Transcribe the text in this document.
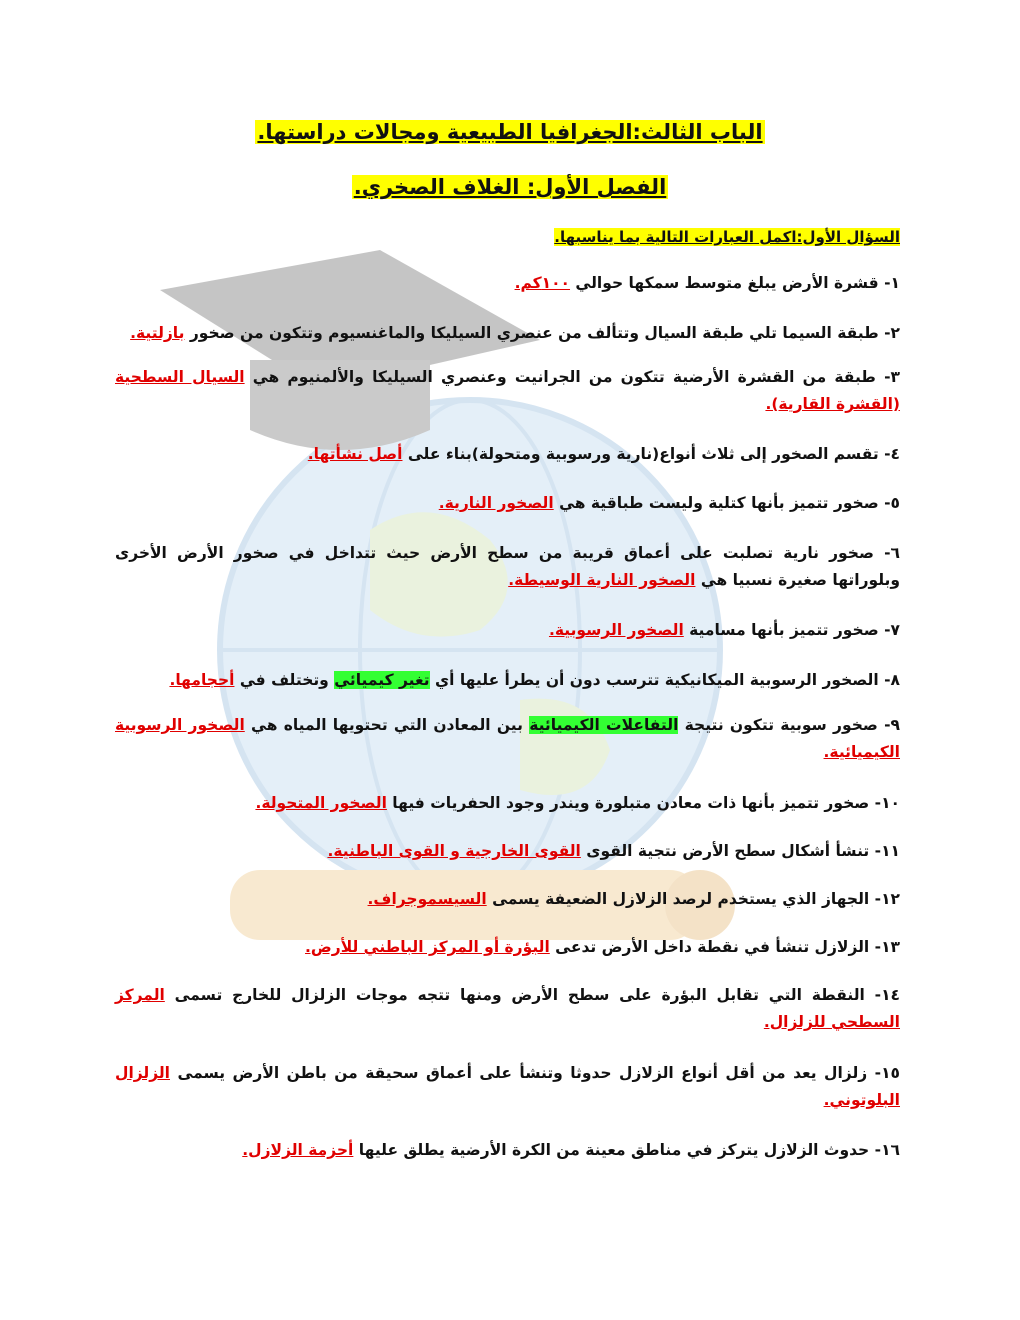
الباب الثالث:الجغرافيا الطبيعية ومجالات دراستها.
الفصل الأول: الغلاف الصخري.
السؤال الأول:اكمل العبارات التالية بما يناسبها.
١- قشرة الأرض يبلغ متوسط سمكها حوالي ١٠٠كم.
٢- طبقة السيما تلي طبقة السيال وتتألف من عنصري السيليكا والماغنسيوم وتتكون من صخور بازلتية.
٣- طبقة من القشرة الأرضية تتكون من الجرانيت وعنصري السيليكا والألمنيوم هي السيال السطحية (القشرة القارية).
٤- تقسم الصخور إلى ثلاث أنواع(نارية ورسوبية ومتحولة)بناء على أصل نشأتها.
٥- صخور تتميز بأنها كتلية وليست طباقية هي الصخور النارية.
٦- صخور نارية تصلبت على أعماق قريبة من سطح الأرض حيث تتداخل في صخور الأرض الأخرى وبلوراتها صغيرة نسبيا هي الصخور النارية الوسيطة.
٧- صخور تتميز بأنها مسامية الصخور الرسوبية.
٨- الصخور الرسوبية الميكانيكية تترسب دون أن يطرأ عليها أي تغير كيميائي وتختلف في أحجامها.
٩- صخور سوبية تتكون نتيجة التفاعلات الكيميائية بين المعادن التي تحتويها المياه هي الصخور الرسوبية الكيميائية.
١٠- صخور تتميز بأنها ذات معادن متبلورة ويندر وجود الحفريات فيها الصخور المتحولة.
١١- تنشأ أشكال سطح الأرض نتجية القوى القوى الخارجية و القوى الباطنية.
١٢- الجهاز الذي يستخدم لرصد الزلازل الضعيفة يسمى السيسموجراف.
١٣- الزلازل تنشأ في نقطة داخل الأرض تدعى البؤرة أو المركز الباطني للأرض.
١٤- النقطة التي تقابل البؤرة على سطح الأرض ومنها تتجه موجات الزلزال للخارج تسمى المركز السطحي للزلزال.
١٥- زلزال يعد من أقل أنواع الزلازل حدوثا وتنشأ على أعماق سحيقة من باطن الأرض يسمى الزلزال البلوتوني.
١٦- حدوث الزلازل يتركز في مناطق معينة من الكرة الأرضية يطلق عليها أحزمة الزلازل.
